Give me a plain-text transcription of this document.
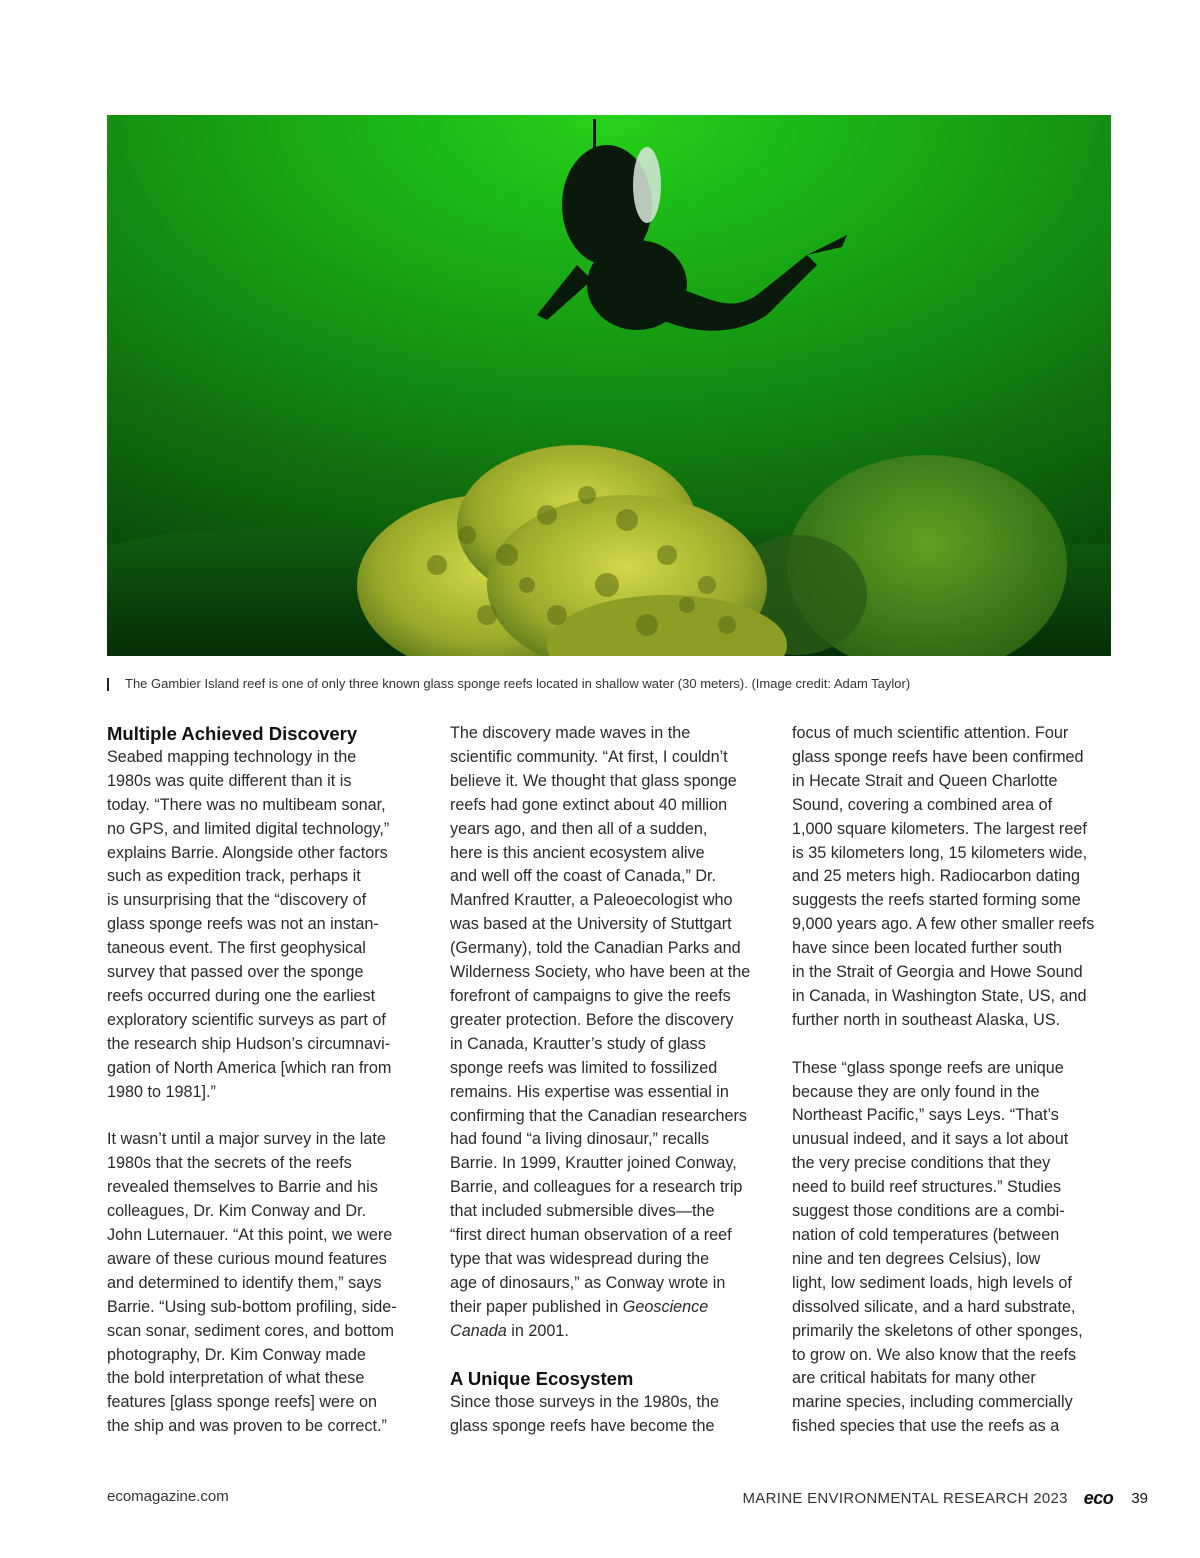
The Gambier Island reef is one of only three known glass sponge reefs located in shallow water (30 meters). (Image credit: Adam Taylor)
Multiple Achieved Discovery
Seabed mapping technology in the
1980s was quite different than it is
today. “There was no multibeam sonar,
no GPS, and limited digital technology,”
explains Barrie. Alongside other factors
such as expedition track, perhaps it
is unsurprising that the “discovery of
glass sponge reefs was not an instan-
taneous event. The first geophysical
survey that passed over the sponge
reefs occurred during one the earliest
exploratory scientific surveys as part of
the research ship Hudson’s circumnavi-
gation of North America [which ran from
1980 to 1981].”
It wasn’t until a major survey in the late
1980s that the secrets of the reefs
revealed themselves to Barrie and his
colleagues, Dr. Kim Conway and Dr.
John Luternauer. “At this point, we were
aware of these curious mound features
and determined to identify them,” says
Barrie. “Using sub-bottom profiling, side-
scan sonar, sediment cores, and bottom
photography, Dr. Kim Conway made
the bold interpretation of what these
features [glass sponge reefs] were on
the ship and was proven to be correct.”
The discovery made waves in the
scientific community. “At first, I couldn’t
believe it. We thought that glass sponge
reefs had gone extinct about 40 million
years ago, and then all of a sudden,
here is this ancient ecosystem alive
and well off the coast of Canada,” Dr.
Manfred Krautter, a Paleoecologist who
was based at the University of Stuttgart
(Germany), told the Canadian Parks and
Wilderness Society, who have been at the
forefront of campaigns to give the reefs
greater protection. Before the discovery
in Canada, Krautter’s study of glass
sponge reefs was limited to fossilized
remains. His expertise was essential in
confirming that the Canadian researchers
had found “a living dinosaur,” recalls
Barrie. In 1999, Krautter joined Conway,
Barrie, and colleagues for a research trip
that included submersible dives—the
“first direct human observation of a reef
type that was widespread during the
age of dinosaurs,” as Conway wrote in
their paper published in Geoscience
Canada in 2001.
A Unique Ecosystem
Since those surveys in the 1980s, the
glass sponge reefs have become the
focus of much scientific attention. Four
glass sponge reefs have been confirmed
in Hecate Strait and Queen Charlotte
Sound, covering a combined area of
1,000 square kilometers. The largest reef
is 35 kilometers long, 15 kilometers wide,
and 25 meters high. Radiocarbon dating
suggests the reefs started forming some
9,000 years ago. A few other smaller reefs
have since been located further south
in the Strait of Georgia and Howe Sound
in Canada, in Washington State, US, and
further north in southeast Alaska, US.
These “glass sponge reefs are unique
because they are only found in the
Northeast Pacific,” says Leys. “That’s
unusual indeed, and it says a lot about
the very precise conditions that they
need to build reef structures.” Studies
suggest those conditions are a combi-
nation of cold temperatures (between
nine and ten degrees Celsius), low
light, low sediment loads, high levels of
dissolved silicate, and a hard substrate,
primarily the skeletons of other sponges,
to grow on. We also know that the reefs
are critical habitats for many other
marine species, including commercially
fished species that use the reefs as a
ecomagazine.com	MARINE ENVIRONMENTAL RESEARCH 2023 eco 39
